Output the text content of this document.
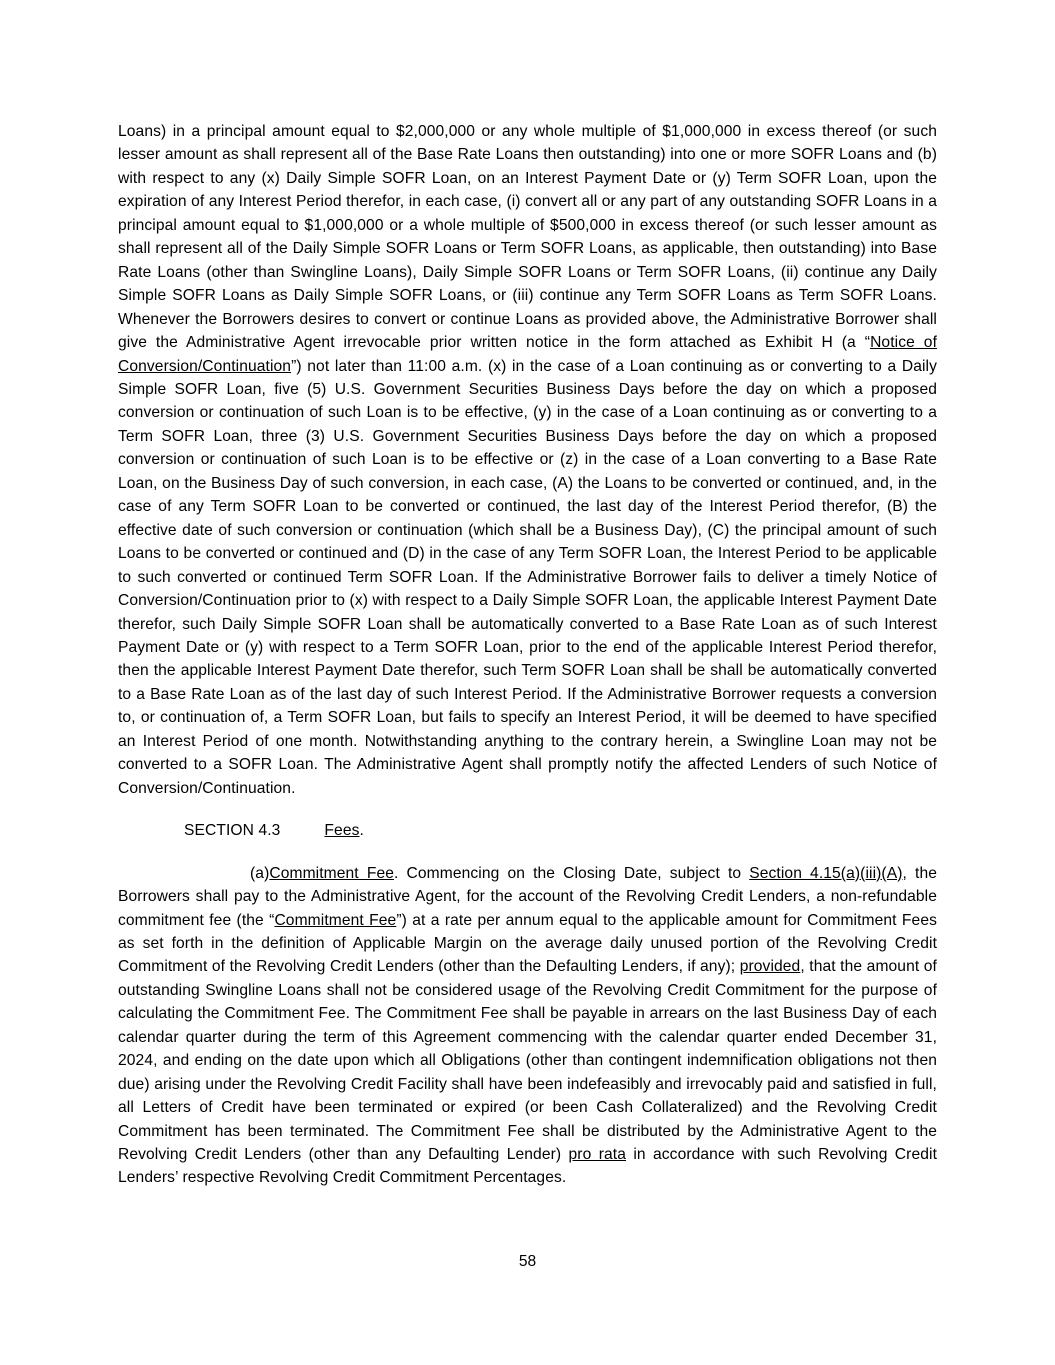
Loans) in a principal amount equal to $2,000,000 or any whole multiple of $1,000,000 in excess thereof (or such lesser amount as shall represent all of the Base Rate Loans then outstanding) into one or more SOFR Loans and (b) with respect to any (x) Daily Simple SOFR Loan, on an Interest Payment Date or (y) Term SOFR Loan, upon the expiration of any Interest Period therefor, in each case, (i) convert all or any part of any outstanding SOFR Loans in a principal amount equal to $1,000,000 or a whole multiple of $500,000 in excess thereof (or such lesser amount as shall represent all of the Daily Simple SOFR Loans or Term SOFR Loans, as applicable, then outstanding) into Base Rate Loans (other than Swingline Loans), Daily Simple SOFR Loans or Term SOFR Loans, (ii) continue any Daily Simple SOFR Loans as Daily Simple SOFR Loans, or (iii) continue any Term SOFR Loans as Term SOFR Loans. Whenever the Borrowers desires to convert or continue Loans as provided above, the Administrative Borrower shall give the Administrative Agent irrevocable prior written notice in the form attached as Exhibit H (a “Notice of Conversion/Continuation”) not later than 11:00 a.m. (x) in the case of a Loan continuing as or converting to a Daily Simple SOFR Loan, five (5) U.S. Government Securities Business Days before the day on which a proposed conversion or continuation of such Loan is to be effective, (y) in the case of a Loan continuing as or converting to a Term SOFR Loan, three (3) U.S. Government Securities Business Days before the day on which a proposed conversion or continuation of such Loan is to be effective or (z) in the case of a Loan converting to a Base Rate Loan, on the Business Day of such conversion, in each case, (A) the Loans to be converted or continued, and, in the case of any Term SOFR Loan to be converted or continued, the last day of the Interest Period therefor, (B) the effective date of such conversion or continuation (which shall be a Business Day), (C) the principal amount of such Loans to be converted or continued and (D) in the case of any Term SOFR Loan, the Interest Period to be applicable to such converted or continued Term SOFR Loan. If the Administrative Borrower fails to deliver a timely Notice of Conversion/Continuation prior to (x) with respect to a Daily Simple SOFR Loan, the applicable Interest Payment Date therefor, such Daily Simple SOFR Loan shall be automatically converted to a Base Rate Loan as of such Interest Payment Date or (y) with respect to a Term SOFR Loan, prior to the end of the applicable Interest Period therefor, then the applicable Interest Payment Date therefor, such Term SOFR Loan shall be shall be automatically converted to a Base Rate Loan as of the last day of such Interest Period. If the Administrative Borrower requests a conversion to, or continuation of, a Term SOFR Loan, but fails to specify an Interest Period, it will be deemed to have specified an Interest Period of one month. Notwithstanding anything to the contrary herein, a Swingline Loan may not be converted to a SOFR Loan. The Administrative Agent shall promptly notify the affected Lenders of such Notice of Conversion/Continuation.

SECTION 4.3	Fees.

(a)Commitment Fee. Commencing on the Closing Date, subject to Section 4.15(a)(iii)(A), the Borrowers shall pay to the Administrative Agent, for the account of the Revolving Credit Lenders, a non-refundable commitment fee (the “Commitment Fee”) at a rate per annum equal to the applicable amount for Commitment Fees as set forth in the definition of Applicable Margin on the average daily unused portion of the Revolving Credit Commitment of the Revolving Credit Lenders (other than the Defaulting Lenders, if any); provided, that the amount of outstanding Swingline Loans shall not be considered usage of the Revolving Credit Commitment for the purpose of calculating the Commitment Fee. The Commitment Fee shall be payable in arrears on the last Business Day of each calendar quarter during the term of this Agreement commencing with the calendar quarter ended December 31, 2024, and ending on the date upon which all Obligations (other than contingent indemnification obligations not then due) arising under the Revolving Credit Facility shall have been indefeasibly and irrevocably paid and satisfied in full, all Letters of Credit have been terminated or expired (or been Cash Collateralized) and the Revolving Credit Commitment has been terminated. The Commitment Fee shall be distributed by the Administrative Agent to the Revolving Credit Lenders (other than any Defaulting Lender) pro rata in accordance with such Revolving Credit Lenders’ respective Revolving Credit Commitment Percentages.

58
